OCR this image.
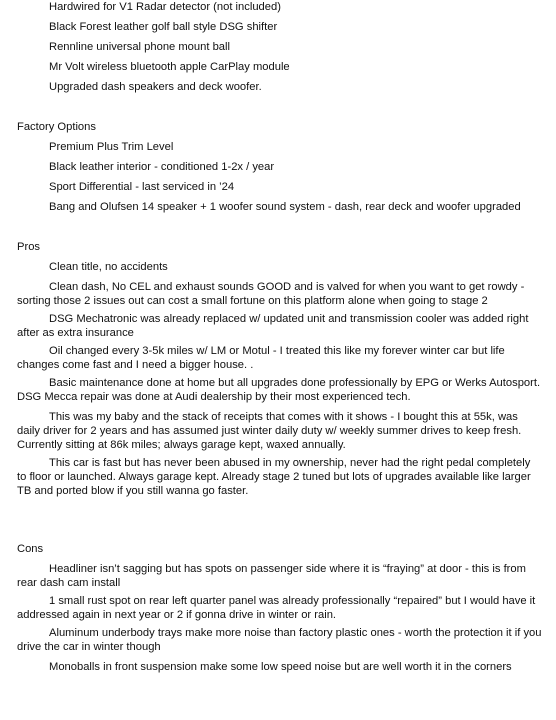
Hardwired for V1 Radar detector (not included)
Black Forest leather golf ball style DSG shifter
Rennline universal phone mount ball
Mr Volt wireless bluetooth apple CarPlay module
Upgraded dash speakers and deck woofer.
Factory Options
Premium Plus Trim Level
Black leather interior - conditioned 1-2x / year
Sport Differential - last serviced in ’24
Bang and Olufsen 14 speaker + 1 woofer sound system - dash, rear deck and woofer upgraded
Pros
Clean title, no accidents
Clean dash, No CEL and exhaust sounds GOOD and is valved for when you want to get rowdy - sorting those 2 issues out can cost a small fortune on this platform alone when going to stage 2
DSG Mechatronic was already replaced w/ updated unit and transmission cooler was added right after as extra insurance
Oil changed every 3-5k miles w/ LM or Motul - I treated this like my forever winter car but life changes come fast and I need a bigger house. .
Basic maintenance done at home but all upgrades done professionally by EPG or Werks Autosport. DSG Mecca repair was done at Audi dealership by their most experienced tech.
This was my baby and the stack of receipts that comes with it shows - I bought this at 55k, was daily driver for 2 years and has assumed just winter daily duty w/ weekly summer drives to keep fresh. Currently sitting at 86k miles; always garage kept, waxed annually.
This car is fast but has never been abused in my ownership, never had the right pedal completely to floor or launched. Always garage kept. Already stage 2 tuned but lots of upgrades available like larger TB and ported blow if you still wanna go faster.
Cons
Headliner isn’t sagging but has spots on passenger side where it is “fraying” at door - this is from rear dash cam install
1 small rust spot on rear left quarter panel was already professionally “repaired” but I would have it addressed again in next year or 2 if gonna drive in winter or rain.
Aluminum underbody trays make more noise than factory plastic ones - worth the protection it if you drive the car in winter though
Monoballs in front suspension make some low speed noise but are well worth it in the corners
